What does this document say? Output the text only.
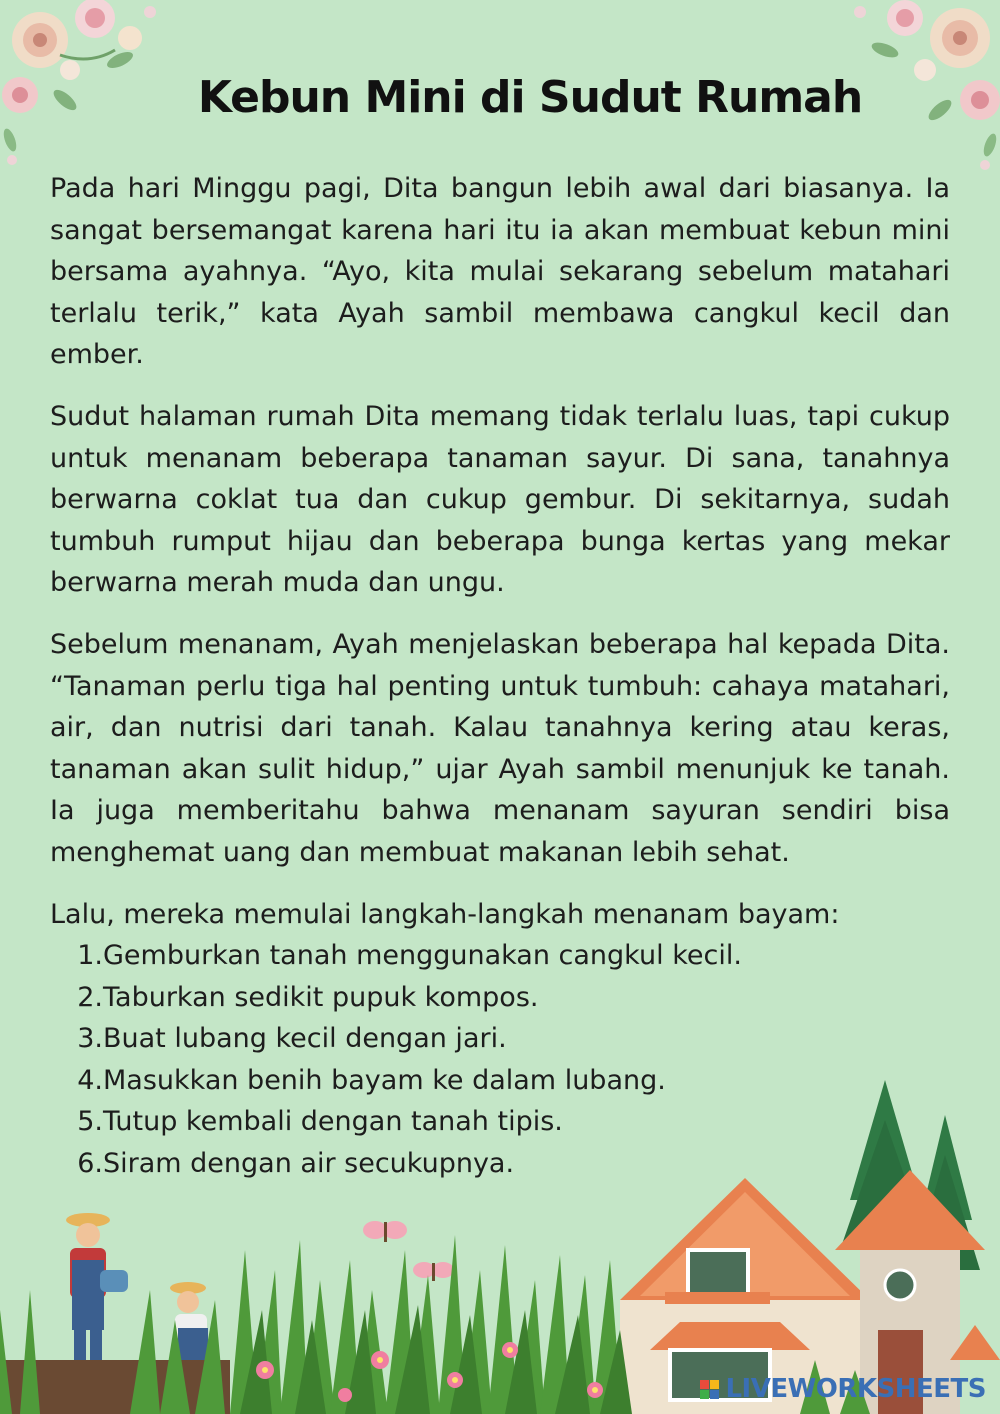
Kebun Mini di Sudut Rumah

Pada hari Minggu pagi, Dita bangun lebih awal dari biasanya. Ia sangat bersemangat karena hari itu ia akan membuat kebun mini bersama ayahnya. “Ayo, kita mulai sekarang sebelum matahari terlalu terik,” kata Ayah sambil membawa cangkul kecil dan ember.

Sudut halaman rumah Dita memang tidak terlalu luas, tapi cukup untuk menanam beberapa tanaman sayur. Di sana, tanahnya berwarna coklat tua dan cukup gembur. Di sekitarnya, sudah tumbuh rumput hijau dan beberapa bunga kertas yang mekar berwarna merah muda dan ungu.

Sebelum menanam, Ayah menjelaskan beberapa hal kepada Dita. “Tanaman perlu tiga hal penting untuk tumbuh: cahaya matahari, air, dan nutrisi dari tanah. Kalau tanahnya kering atau keras, tanaman akan sulit hidup,” ujar Ayah sambil menunjuk ke tanah. Ia juga memberitahu bahwa menanam sayuran sendiri bisa menghemat uang dan membuat makanan lebih sehat.

Lalu, mereka memulai langkah-langkah menanam bayam:

1. Gemburkan tanah menggunakan cangkul kecil.
2. Taburkan sedikit pupuk kompos.
3. Buat lubang kecil dengan jari.
4. Masukkan benih bayam ke dalam lubang.
5. Tutup kembali dengan tanah tipis.
6. Siram dengan air secukupnya.
LIVEWORKSHEETS
